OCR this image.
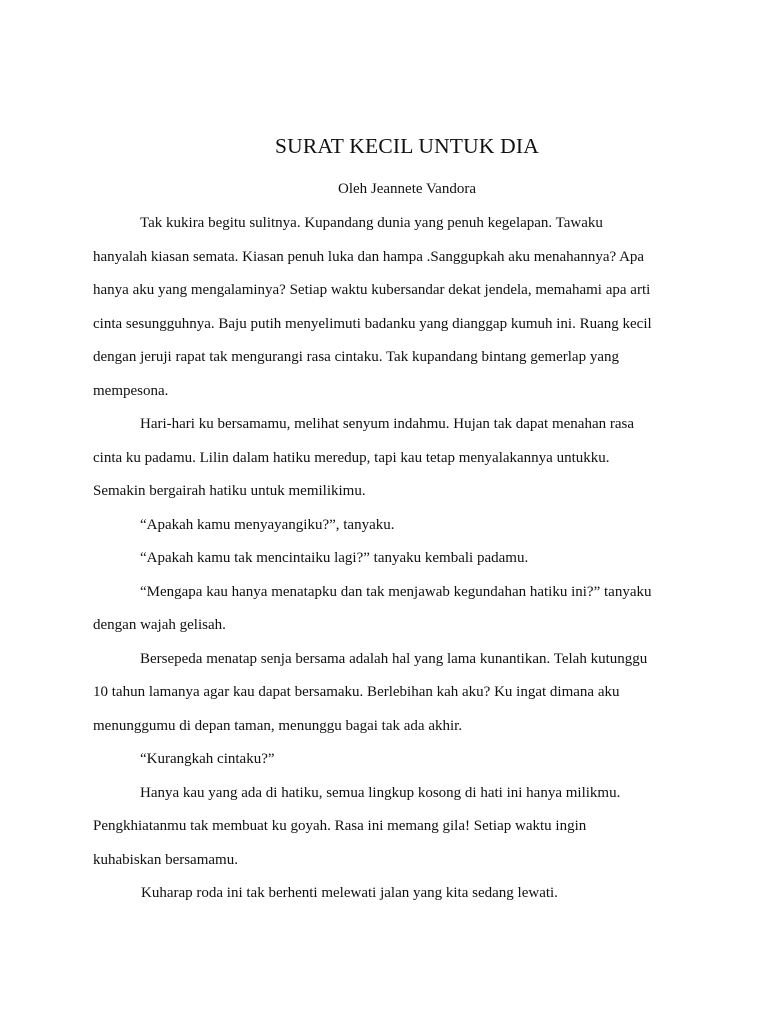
SURAT KECIL UNTUK DIA
Oleh Jeannete Vandora

Tak kukira begitu sulitnya. Kupandang dunia yang penuh kegelapan. Tawaku
hanyalah kiasan semata. Kiasan penuh luka dan hampa .Sanggupkah aku menahannya? Apa
hanya aku yang mengalaminya? Setiap waktu kubersandar dekat jendela, memahami apa arti
cinta sesungguhnya. Baju putih menyelimuti badanku yang dianggap kumuh ini. Ruang kecil
dengan jeruji rapat tak mengurangi rasa cintaku. Tak kupandang bintang gemerlap yang
mempesona.

Hari-hari ku bersamamu, melihat senyum indahmu. Hujan tak dapat menahan rasa
cinta ku padamu. Lilin dalam hatiku meredup, tapi kau tetap menyalakannya untukku.
Semakin bergairah hatiku untuk memilikimu.

“Apakah kamu menyayangiku?”, tanyaku.

“Apakah kamu tak mencintaiku lagi?” tanyaku kembali padamu.

“Mengapa kau hanya menatapku dan tak menjawab kegundahan hatiku ini?” tanyaku
dengan wajah gelisah.

Bersepeda menatap senja bersama adalah hal yang lama kunantikan. Telah kutunggu
10 tahun lamanya agar kau dapat bersamaku. Berlebihan kah aku? Ku ingat dimana aku
menunggumu di depan taman, menunggu bagai tak ada akhir.

“Kurangkah cintaku?”

Hanya kau yang ada di hatiku, semua lingkup kosong di hati ini hanya milikmu.
Pengkhiatanmu tak membuat ku goyah. Rasa ini memang gila! Setiap waktu ingin
kuhabiskan bersamamu.

Kuharap roda ini tak berhenti melewati jalan yang kita sedang lewati.
